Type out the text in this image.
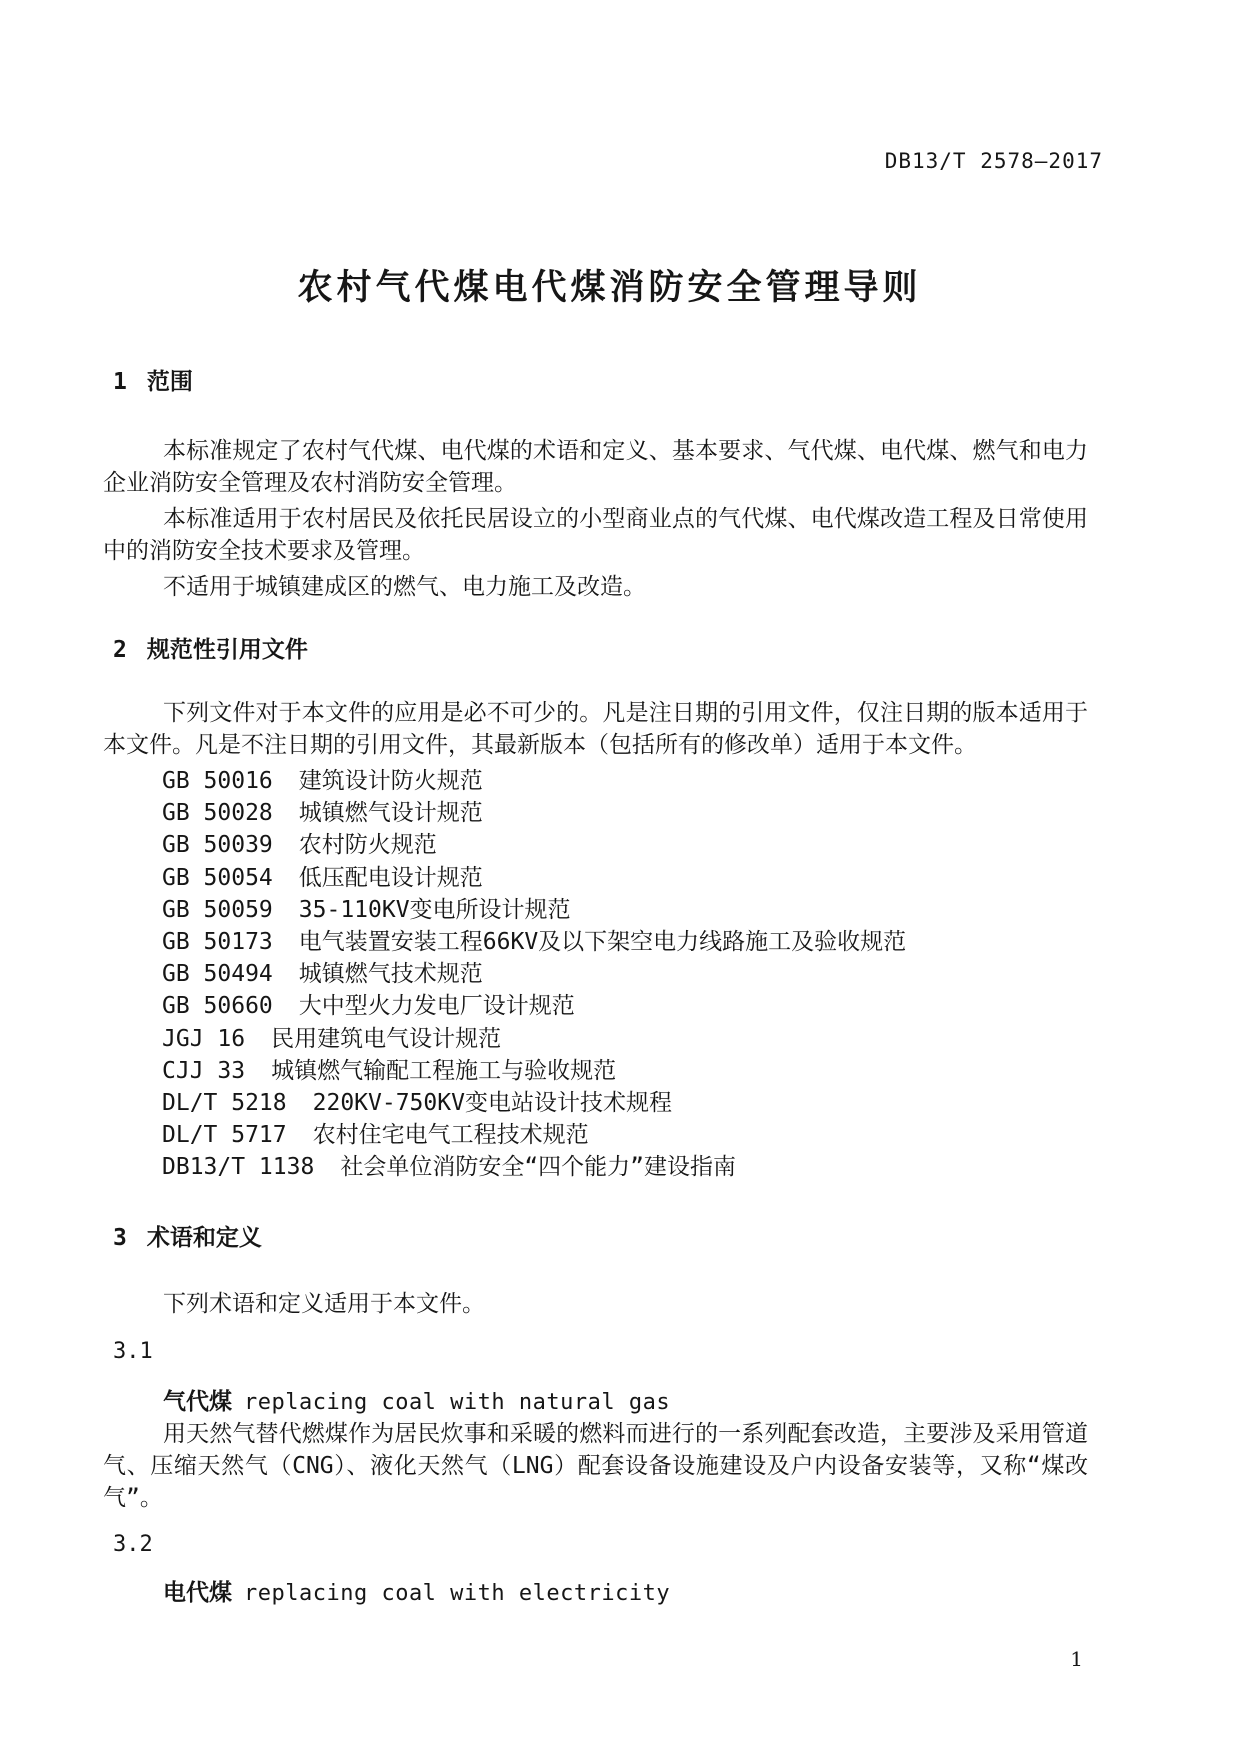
DB13/T 2578—2017
农村气代煤电代煤消防安全管理导则
1 范围

本标准规定了农村气代煤、电代煤的术语和定义、基本要求、气代煤、电代煤、燃气和电力企业消防安全管理及农村消防安全管理。

本标准适用于农村居民及依托民居设立的小型商业点的气代煤、电代煤改造工程及日常使用中的消防安全技术要求及管理。

不适用于城镇建成区的燃气、电力施工及改造。

2 规范性引用文件

下列文件对于本文件的应用是必不可少的。凡是注日期的引用文件，仅注日期的版本适用于本文件。凡是不注日期的引用文件，其最新版本（包括所有的修改单）适用于本文件。

GB 50016 建筑设计防火规范
GB 50028 城镇燃气设计规范
GB 50039 农村防火规范
GB 50054 低压配电设计规范
GB 50059 35-110KV变电所设计规范
GB 50173 电气装置安装工程66KV及以下架空电力线路施工及验收规范
GB 50494 城镇燃气技术规范
GB 50660 大中型火力发电厂设计规范
JGJ 16 民用建筑电气设计规范
CJJ 33 城镇燃气输配工程施工与验收规范
DL/T 5218 220KV-750KV变电站设计技术规程
DL/T 5717 农村住宅电气工程技术规范
DB13/T 1138 社会单位消防安全“四个能力”建设指南
3 术语和定义

下列术语和定义适用于本文件。

3.1

气代煤 replacing coal with natural gas

用天然气替代燃煤作为居民炊事和采暖的燃料而进行的一系列配套改造，主要涉及采用管道气、压缩天然气（CNG）、液化天然气（LNG）配套设备设施建设及户内设备安装等，又称“煤改气”。

3.2

电代煤 replacing coal with electricity

1
